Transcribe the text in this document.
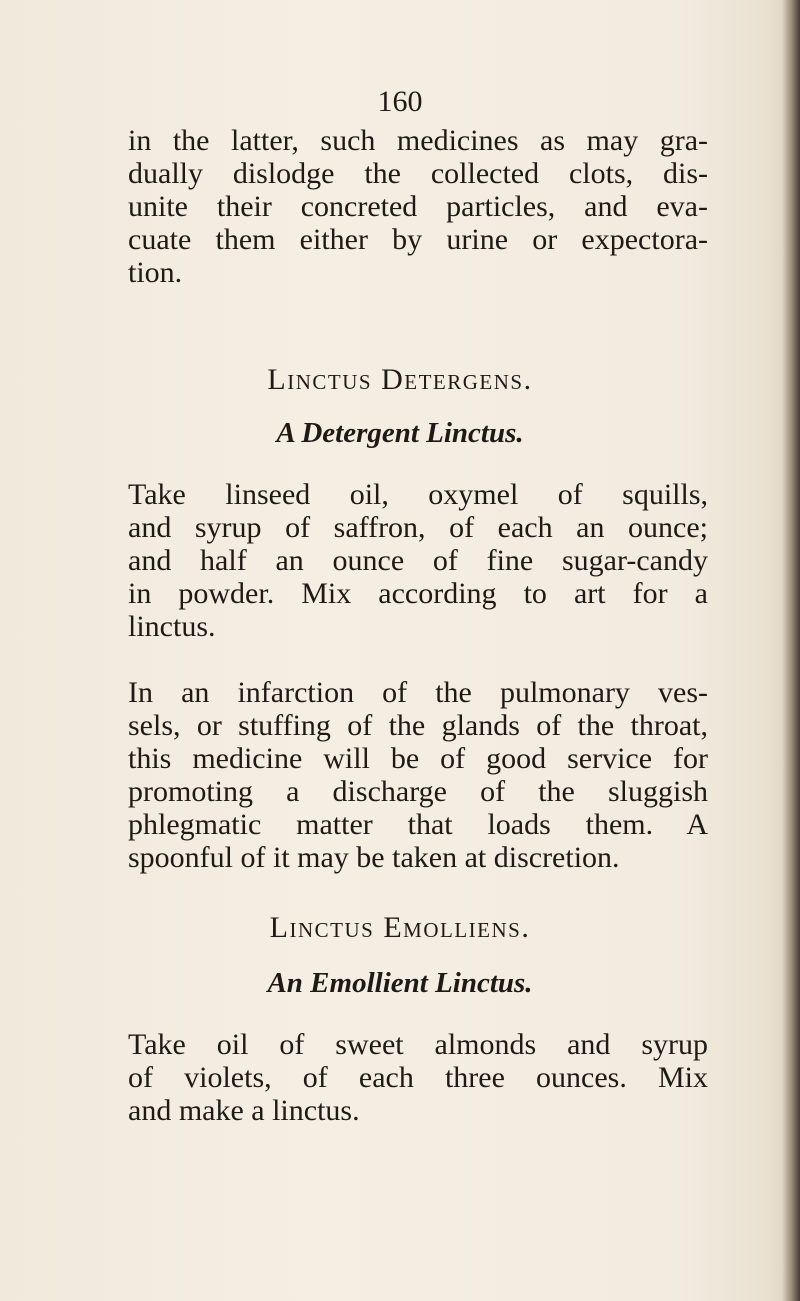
160
in the latter, such medicines as may gra-
dually dislodge the collected clots, dis-
unite their concreted particles, and eva-
cuate them either by urine or expectora-
tion.
Linctus Detergens.
A Detergent Linctus.
Take linseed oil, oxymel of squills,
and syrup of saffron, of each an ounce;
and half an ounce of fine sugar-candy
in powder. Mix according to art for a
linctus.
In an infarction of the pulmonary ves-
sels, or stuffing of the glands of the throat,
this medicine will be of good service for
promoting a discharge of the sluggish
phlegmatic matter that loads them. A
spoonful of it may be taken at discretion.
Linctus Emolliens.
An Emollient Linctus.
Take oil of sweet almonds and syrup
of violets, of each three ounces. Mix
and make a linctus.
